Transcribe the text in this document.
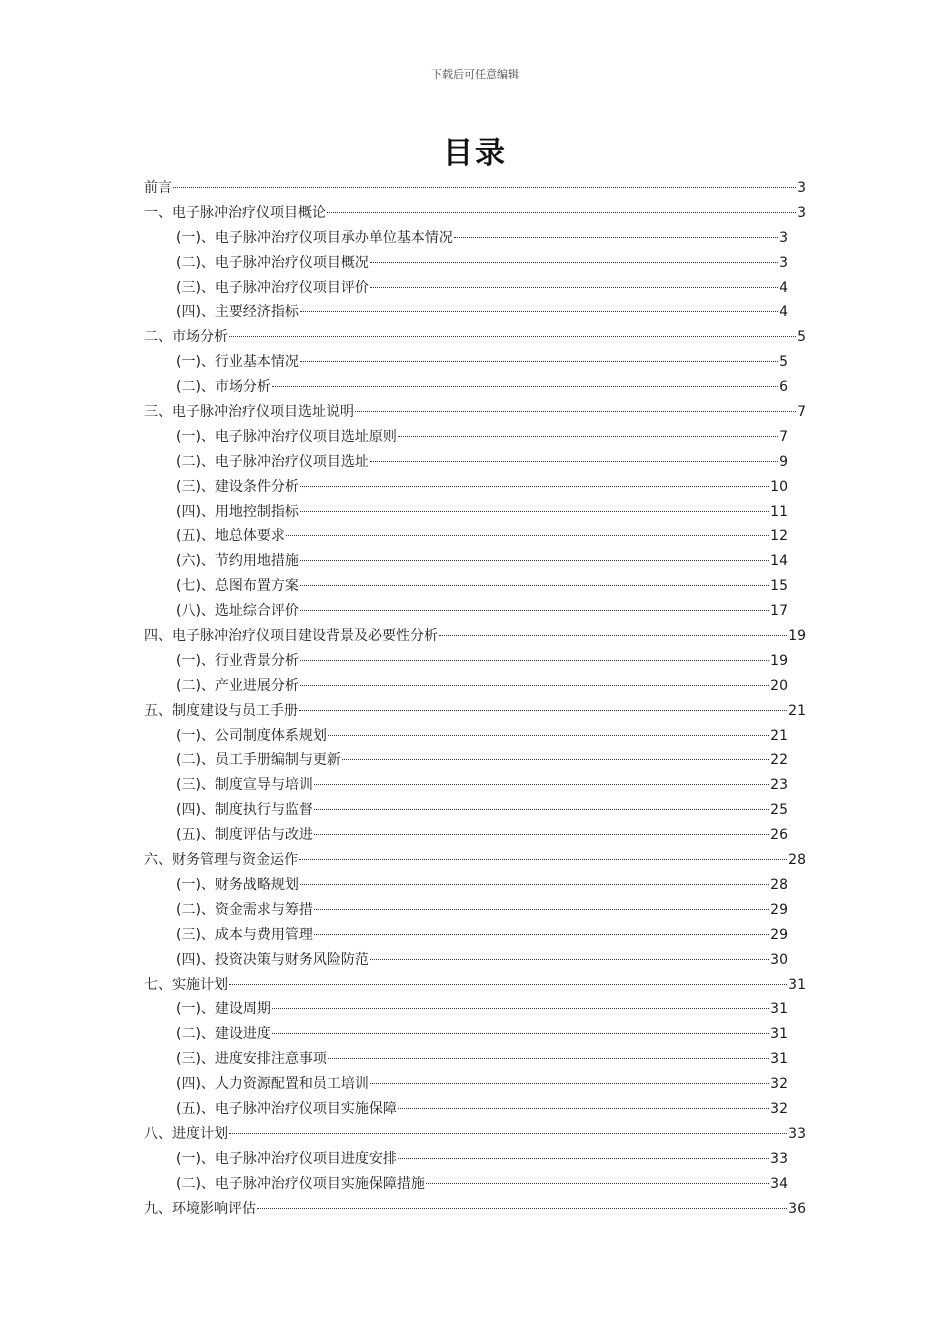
下载后可任意编辑
目录
前言	3
一、电子脉冲治疗仪项目概论	3
(一)、电子脉冲治疗仪项目承办单位基本情况	3
(二)、电子脉冲治疗仪项目概况	3
(三)、电子脉冲治疗仪项目评价	4
(四)、主要经济指标	4
二、市场分析	5
(一)、行业基本情况	5
(二)、市场分析	6
三、电子脉冲治疗仪项目选址说明	7
(一)、电子脉冲治疗仪项目选址原则	7
(二)、电子脉冲治疗仪项目选址	9
(三)、建设条件分析	10
(四)、用地控制指标	11
(五)、地总体要求	12
(六)、节约用地措施	14
(七)、总图布置方案	15
(八)、选址综合评价	17
四、电子脉冲治疗仪项目建设背景及必要性分析	19
(一)、行业背景分析	19
(二)、产业进展分析	20
五、制度建设与员工手册	21
(一)、公司制度体系规划	21
(二)、员工手册编制与更新	22
(三)、制度宣导与培训	23
(四)、制度执行与监督	25
(五)、制度评估与改进	26
六、财务管理与资金运作	28
(一)、财务战略规划	28
(二)、资金需求与筹措	29
(三)、成本与费用管理	29
(四)、投资决策与财务风险防范	30
七、实施计划	31
(一)、建设周期	31
(二)、建设进度	31
(三)、进度安排注意事项	31
(四)、人力资源配置和员工培训	32
(五)、电子脉冲治疗仪项目实施保障	32
八、进度计划	33
(一)、电子脉冲治疗仪项目进度安排	33
(二)、电子脉冲治疗仪项目实施保障措施	34
九、环境影响评估	36
